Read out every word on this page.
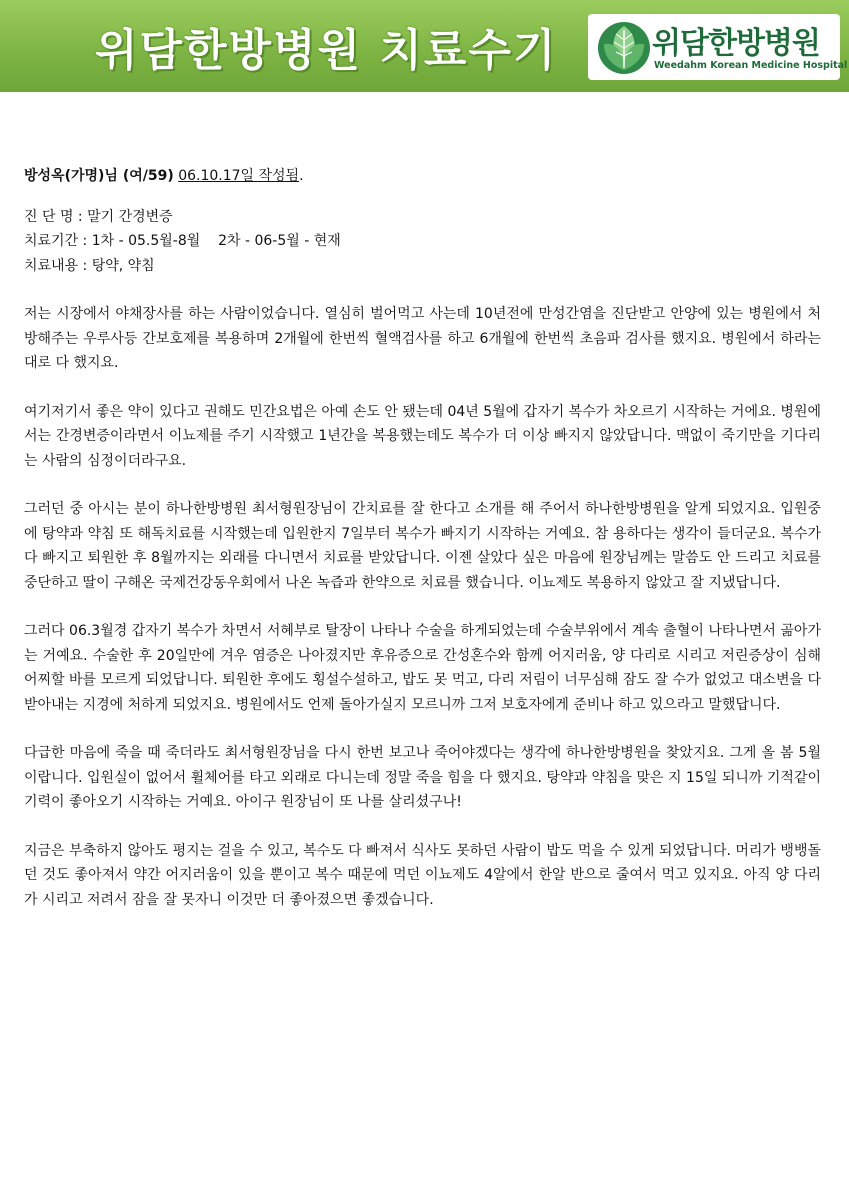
위담한방병원 치료수기	위담한방병원
Weedahm Korean Medicine Hospital
방성옥(가명)님 (여/59) 06.10.17일 작성됨.
진 단 명 : 말기 간경변증
치료기간 : 1차 - 05.5월-8월    2차 - 06-5월 - 현재
치료내용 : 탕약, 약침

저는 시장에서 야채장사를 하는 사람이었습니다. 열심히 벌어먹고 사는데 10년전에 만성간염을 진단받고 안양에 있는 병원에서 처방해주는 우루사등 간보호제를 복용하며 2개월에 한번씩 혈액검사를 하고 6개월에 한번씩 초음파 검사를 했지요. 병원에서 하라는 대로 다 했지요.

여기저기서 좋은 약이 있다고 권해도 민간요법은 아예 손도 안 됐는데 04년 5월에 갑자기 복수가 차오르기 시작하는 거에요. 병원에서는 간경변증이라면서 이뇨제를 주기 시작했고 1년간을 복용했는데도 복수가 더 이상 빠지지 않았답니다. 맥없이 죽기만을 기다리는 사람의 심정이더라구요.

그러던 중 아시는 분이 하나한방병원 최서형원장님이 간치료를 잘 한다고 소개를 해 주어서 하나한방병원을 알게 되었지요. 입원중에 탕약과 약침 또 해독치료를 시작했는데 입원한지 7일부터 복수가 빠지기 시작하는 거예요. 참 용하다는 생각이 들더군요. 복수가 다 빠지고 퇴원한 후 8월까지는 외래를 다니면서 치료를 받았답니다. 이젠 살았다 싶은 마음에 원장님께는 말씀도 안 드리고 치료를 중단하고 딸이 구해온 국제건강동우회에서 나온 녹즙과 한약으로 치료를 했습니다. 이뇨제도 복용하지 않았고 잘 지냈답니다.

그러다 06.3월경 갑자기 복수가 차면서 서혜부로 탈장이 나타나 수술을 하게되었는데 수술부위에서 계속 출혈이 나타나면서 곪아가는 거예요. 수술한 후 20일만에 겨우 염증은 나아졌지만 후유증으로 간성혼수와 함께 어지러움, 양 다리로 시리고 저린증상이 심해 어찌할 바를 모르게 되었답니다. 퇴원한 후에도 횡설수설하고, 밥도 못 먹고, 다리 저림이 너무심해 잠도 잘 수가 없었고 대소변을 다 받아내는 지경에 처하게 되었지요. 병원에서도 언제 돌아가실지 모르니까 그저 보호자에게 준비나 하고 있으라고 말했답니다.

다급한 마음에 죽을 때 죽더라도 최서형원장님을 다시 한번 보고나 죽어야겠다는 생각에 하나한방병원을 찾았지요. 그게 올 봄 5월이랍니다. 입원실이 없어서 휠체어를 타고 외래로 다니는데 정말 죽을 힘을 다 했지요. 탕약과 약침을 맞은 지 15일 되니까 기적같이 기력이 좋아오기 시작하는 거예요. 아이구 원장님이 또 나를 살리셨구나!

지금은 부축하지 않아도 평지는 걸을 수 있고, 복수도 다 빠져서 식사도 못하던 사람이 밥도 먹을 수 있게 되었답니다. 머리가 뱅뱅돌던 것도 좋아져서 약간 어지러움이 있을 뿐이고 복수 때문에 먹던 이뇨제도 4알에서 한알 반으로 줄여서 먹고 있지요. 아직 양 다리가 시리고 저려서 잠을 잘 못자니 이것만 더 좋아졌으면 좋겠습니다.
